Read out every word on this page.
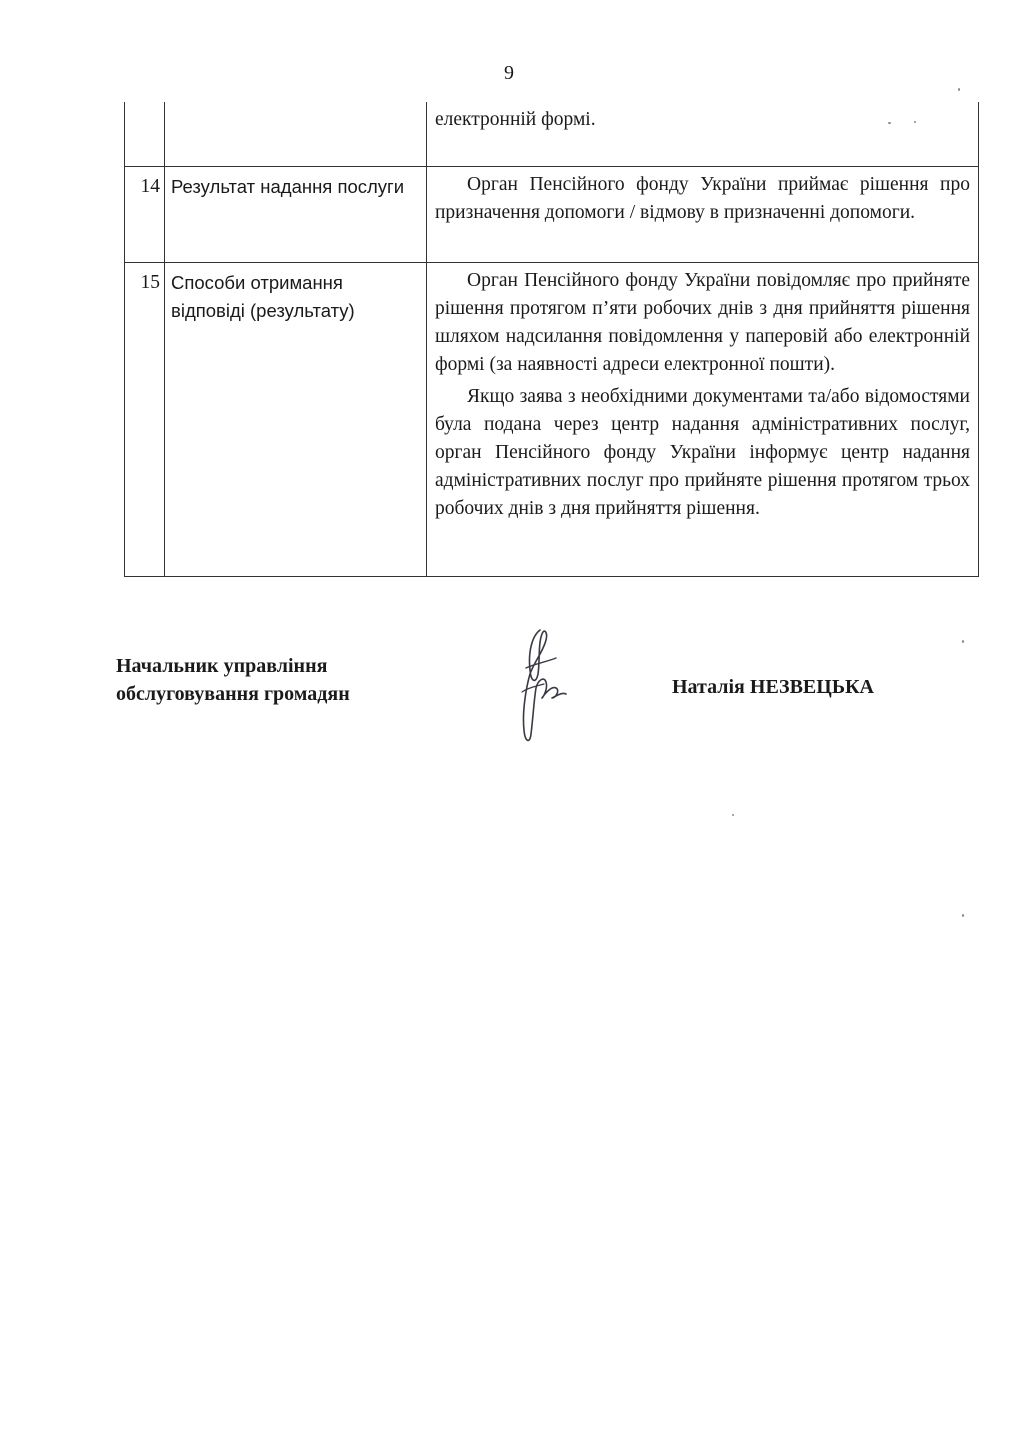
9

		електронній формі.

14	Результат надання послуги	Орган Пенсійного фонду України приймає рішення про призначення допомоги / відмову в призначенні допомоги.

15	Способи отримання відповіді (результату)	Орган Пенсійного фонду України повідомляє про прийняте рішення протягом п’яти робочих днів з дня прийняття рішення шляхом надсилання повідомлення у паперовій або електронній формі (за наявності адреси електронної пошти).

Якщо заява з необхідними документами та/або відомостями була подана через центр надання адміністративних послуг, орган Пенсійного фонду України інформує центр надання адміністративних послуг про прийняте рішення протягом трьох робочих днів з дня прийняття рішення.

Начальник управління
обслуговування громадян	Наталія НЕЗВЕЦЬКА
